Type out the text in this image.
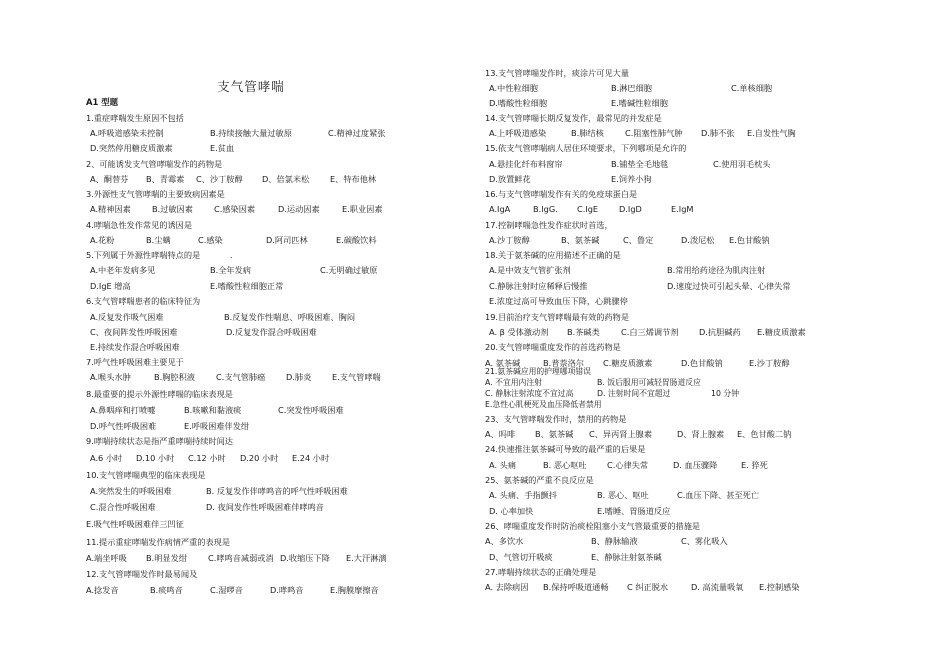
支气管哮喘
A1 型题
1.重症哮喘发生原因不包括
A.呼吸道感染未控制	B.持续接触大量过敏原	C.精神过度紧张
D.突然停用糖皮质激素	E.贫血
2、可能诱发支气管哮喘发作的药物是
A、酮替芬 B、青霉素 C、沙丁胺醇 D、倍氯米松	E、特布他林
3.外源性支气管哮喘的主要致病因素是
A.精神因素	B.过敏因素	C.感染因素	D.运动因素	E.职业因素
4.哮喘急性发作常见的诱因是
A.花粉	B.尘螨	C.感染	D.阿司匹林	E.碳酸饮料
5.下列属于外源性哮喘特点的是	.
A.中老年发病多见	B.全年发病	C.无明确过敏原
D.IgE 增高	E.嗜酸性粒细胞正常
6.支气管哮喘患者的临床特征为
A.反复发作吸气困难	B.反复发作性喘息、呼吸困难、胸闷
C、夜间阵发性呼吸困难	D.反复发作混合呼吸困难
E.持续发作混合呼吸困难
7.呼气性呼吸困难主要见于
A.喉头水肿	B.胸腔积液	C.支气管肺癌	D.肺炎	E.支气管哮喘
8.最重要的提示外源性哮喘的临床表现是
A.鼻咽痒和打喷嚏	B.咳嗽和黏液痰	C.突发性呼吸困难
D.呼气性呼吸困难	E.呼吸困难伴发绀
9.哮喘持续状态是指严重哮喘持续时间达
A.6 小时 D.10 小时 C.12 小时 D.20 小时 E.24 小时
10.支气管哮喘典型的临床表现是
A.突然发生的呼吸困难	B. 反复发作伴哮鸣音的呼气性呼吸困难
C.混合性呼吸困难	D. 夜间发作性呼吸困难伴哮鸣音
E.吸气性呼吸困难伴三凹征
11.提示重症哮喘发作病情严重的表现是
A.端坐呼吸 B.明显发绀	C.哮鸣音减弱或消 D.收缩压下降 E.大汗淋漓
12.支气管哮喘发作时最易闻及
A.捻发音	B.痰鸣音	C.湿啰音	D.哮鸣音	E.胸膜摩擦音
13.支气管哮喘发作时，痰涂片可见大量
A.中性粒细胞	B.淋巴细胞	C.单核细胞
D.嗜酸性粒细胞	E.嗜碱性粒细胞
14.支气管哮喘长期反复发作，最常见的并发症是
A.上呼吸道感染	B.肺结核	C.阻塞性肺气肿 D.肺不张 E.自发性气胸
15.依支气管哮喘病人居住环境要求，下列哪项是允许的
A.悬挂化纤布料窗帘	B.铺垫全毛地毯	C.使用羽毛枕头
D.放置鲜花	E.饲养小狗
16.与支气管哮喘发作有关的免疫球蛋白是
A.IgA	B.IgG. C.IgE	D.IgD	E.IgM
17.控制哮喘急性发作症状时首选，
A.沙丁胺醇	B、氨茶碱	C、鲁定	D.泼尼松 E.色甘酸钠
18.关于氨茶碱的应用描述不正确的是
A.是中效支气管扩张剂	B.常用给药途径为肌肉注射
C.静脉注射时应稀释后慢推	D.速度过快可引起头晕、心律失常
E.浓度过高可导致血压下降，心跳骤停
19.目前治疗支气管哮喘最有效的药物是
A. β 受体激动剂 B.茶碱类	C.白三烯调节剂	D.抗胆碱药 E.糖皮质激素
20.支气管哮喘重度发作的首选药物是
A. 氨茶碱	B.普萘洛尔 C.糖皮质激素	D.色甘酸钠	E.沙丁胺醇
21.氨茶碱应用的护理哪项错误
A. 不宜用内注射	B. 饭后服用可减轻胃肠道反应
C. 静脉注射浓度不宜过高	D. 注射时间不宜超过	10 分钟
E.急性心肌梗死及血压降低者禁用
23、支气管哮喘发作时，禁用的药物是
A、吗啡 B、氨茶碱 C、异丙肾上腺素	D、肾上腺素 E、色甘酸二钠
24.快速推注氨茶碱可导致的最严重的后果是
A. 头痛	B. 恶心呕吐 C.心律失常	D. 血压骤降	E. 猝死
25、氨茶碱的严重不良反应是
A. 头痛、手指颤抖	B. 恶心、呕吐	C.血压下降、甚至死亡
D. 心率加快	E.嗜睡、胃肠道反应
26、哮喘重度发作时防治痰栓阻塞小支气管最重要的措施是
A、多饮水	B、静脉输液	C、雾化吸入
D、气管切开吸痰	E、静脉注射氨茶碱
27.哮喘持续状态的正确处理是
A. 去除病因 B.保持呼吸道通畅 C 纠正脱水	D. 高流量吸氧 E.控制感染
